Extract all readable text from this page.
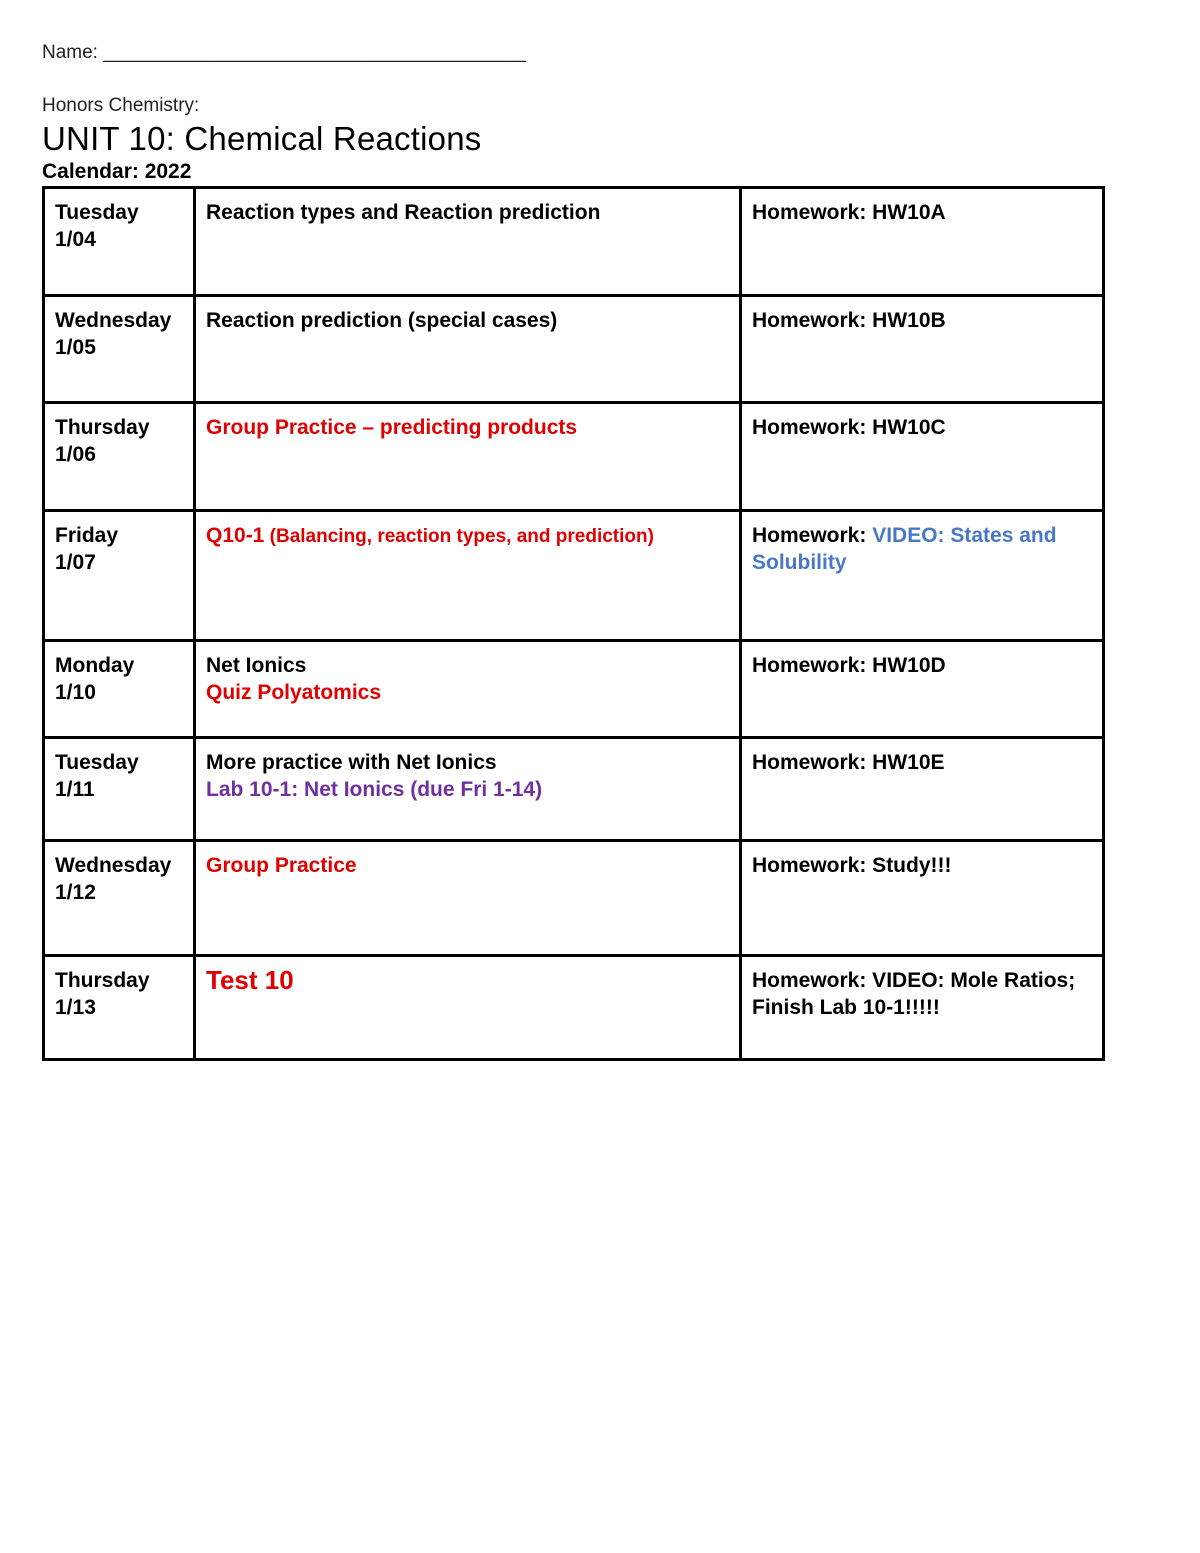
Name: ________________________________________
Honors Chemistry:
UNIT 10: Chemical Reactions
Calendar: 2022
Tuesday
1/04	Reaction types and Reaction prediction	Homework: HW10A

Wednesday
1/05	Reaction prediction (special cases)	Homework: HW10B

Thursday
1/06	Group Practice – predicting products	Homework: HW10C

Friday
1/07	Q10-1 (Balancing, reaction types, and prediction)	Homework: VIDEO: States and Solubility

Monday
1/10	Net Ionics
Quiz Polyatomics	Homework: HW10D

Tuesday
1/11	More practice with Net Ionics
Lab 10-1: Net Ionics (due Fri 1-14)	Homework: HW10E

Wednesday
1/12	Group Practice	Homework: Study!!!

Thursday
1/13	Test 10	Homework: VIDEO: Mole Ratios; Finish Lab 10-1!!!!!
